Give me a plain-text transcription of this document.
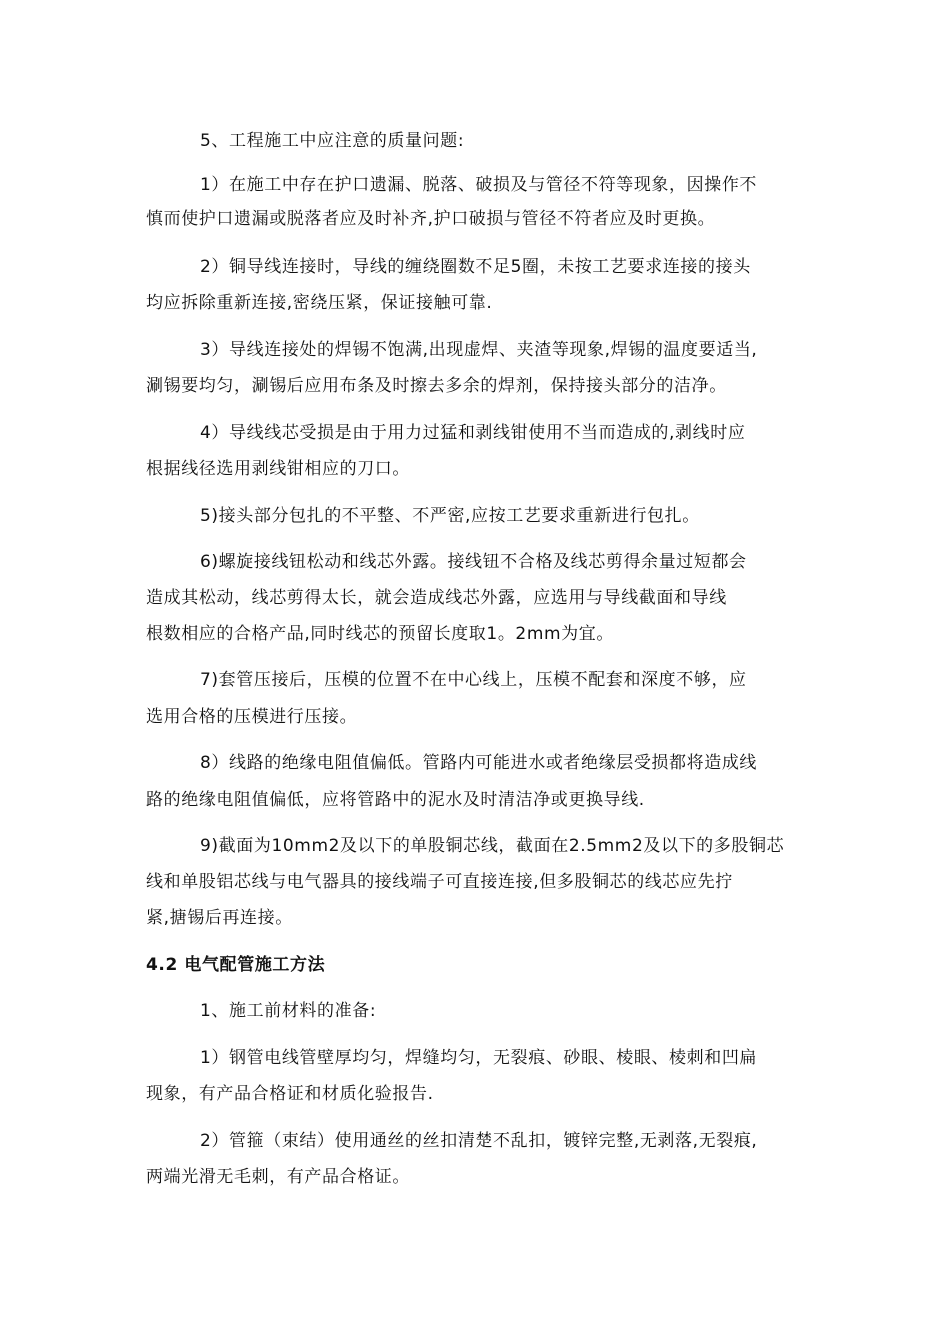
5、工程施工中应注意的质量问题:
1）在施工中存在护口遗漏、脱落、破损及与管径不符等现象，因操作不
慎而使护口遗漏或脱落者应及时补齐,护口破损与管径不符者应及时更换。
2）铜导线连接时，导线的缠绕圈数不足5圈，未按工艺要求连接的接头
均应拆除重新连接,密绕压紧，保证接触可靠.
3）导线连接处的焊锡不饱满,出现虚焊、夹渣等现象,焊锡的温度要适当,
涮锡要均匀，涮锡后应用布条及时擦去多余的焊剂，保持接头部分的洁净。
4）导线线芯受损是由于用力过猛和剥线钳使用不当而造成的,剥线时应
根据线径选用剥线钳相应的刀口。
5)接头部分包扎的不平整、不严密,应按工艺要求重新进行包扎。
6)螺旋接线钮松动和线芯外露。接线钮不合格及线芯剪得余量过短都会
造成其松动，线芯剪得太长，就会造成线芯外露，应选用与导线截面和导线
根数相应的合格产品,同时线芯的预留长度取1。2mm为宜。
7)套管压接后，压模的位置不在中心线上，压模不配套和深度不够，应
选用合格的压模进行压接。
8）线路的绝缘电阻值偏低。管路内可能进水或者绝缘层受损都将造成线
路的绝缘电阻值偏低，应将管路中的泥水及时清洁净或更换导线.
9)截面为10mm2及以下的单股铜芯线，截面在2.5mm2及以下的多股铜芯
线和单股铝芯线与电气器具的接线端子可直接连接,但多股铜芯的线芯应先拧
紧,搪锡后再连接。
4.2 电气配管施工方法
1、施工前材料的准备:
1）钢管电线管壁厚均匀，焊缝均匀，无裂痕、砂眼、棱眼、棱刺和凹扁
现象，有产品合格证和材质化验报告.
2）管箍（束结）使用通丝的丝扣清楚不乱扣，镀锌完整,无剥落,无裂痕,
两端光滑无毛刺，有产品合格证。
